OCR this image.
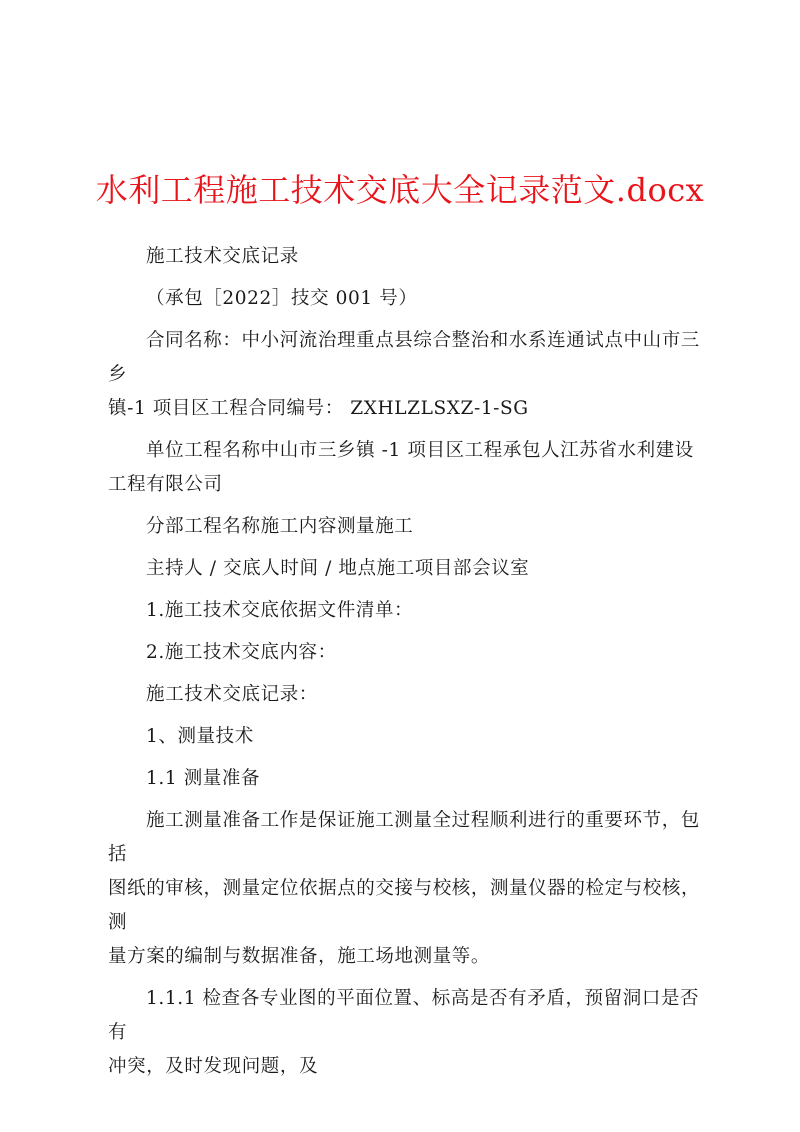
水利工程施工技术交底大全记录范文.docx

施工技术交底记录

（承包［2022］技交 001 号）

合同名称：中小河流治理重点县综合整治和水系连通试点中山市三乡
镇-1 项目区工程合同编号： ZXHLZLSXZ-1-SG

单位工程名称中山市三乡镇 -1 项目区工程承包人江苏省水利建设
工程有限公司

分部工程名称施工内容测量施工

主持人 / 交底人时间 / 地点施工项目部会议室

1.施工技术交底依据文件清单：

2.施工技术交底内容：

施工技术交底记录：

1、测量技术

1.1 测量准备

施工测量准备工作是保证施工测量全过程顺利进行的重要环节，包括
图纸的审核，测量定位依据点的交接与校核，测量仪器的检定与校核，测
量方案的编制与数据准备，施工场地测量等。

1.1.1 检查各专业图的平面位置、标高是否有矛盾，预留洞口是否有
冲突，及时发现问题，及
